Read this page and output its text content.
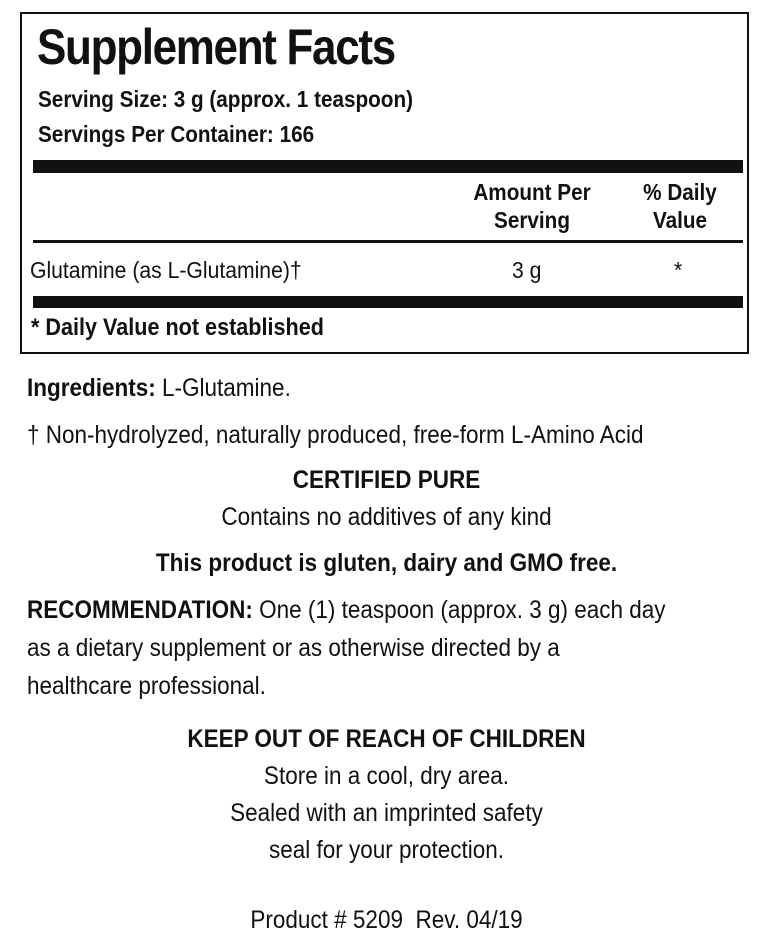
Supplement Facts
Serving Size: 3 g (approx. 1 teaspoon)
Servings Per Container: 166
Amount Per
Serving
% Daily
Value
Glutamine (as L-Glutamine)†	3 g	*
* Daily Value not established
Ingredients: L-Glutamine.
† Non-hydrolyzed, naturally produced, free-form L-Amino Acid
CERTIFIED PURE
Contains no additives of any kind
This product is gluten, dairy and GMO free.
RECOMMENDATION: One (1) teaspoon (approx. 3 g) each day
as a dietary supplement or as otherwise directed by a
healthcare professional.
KEEP OUT OF REACH OF CHILDREN
Store in a cool, dry area.
Sealed with an imprinted safety
seal for your protection.
Product # 5209  Rev. 04/19
